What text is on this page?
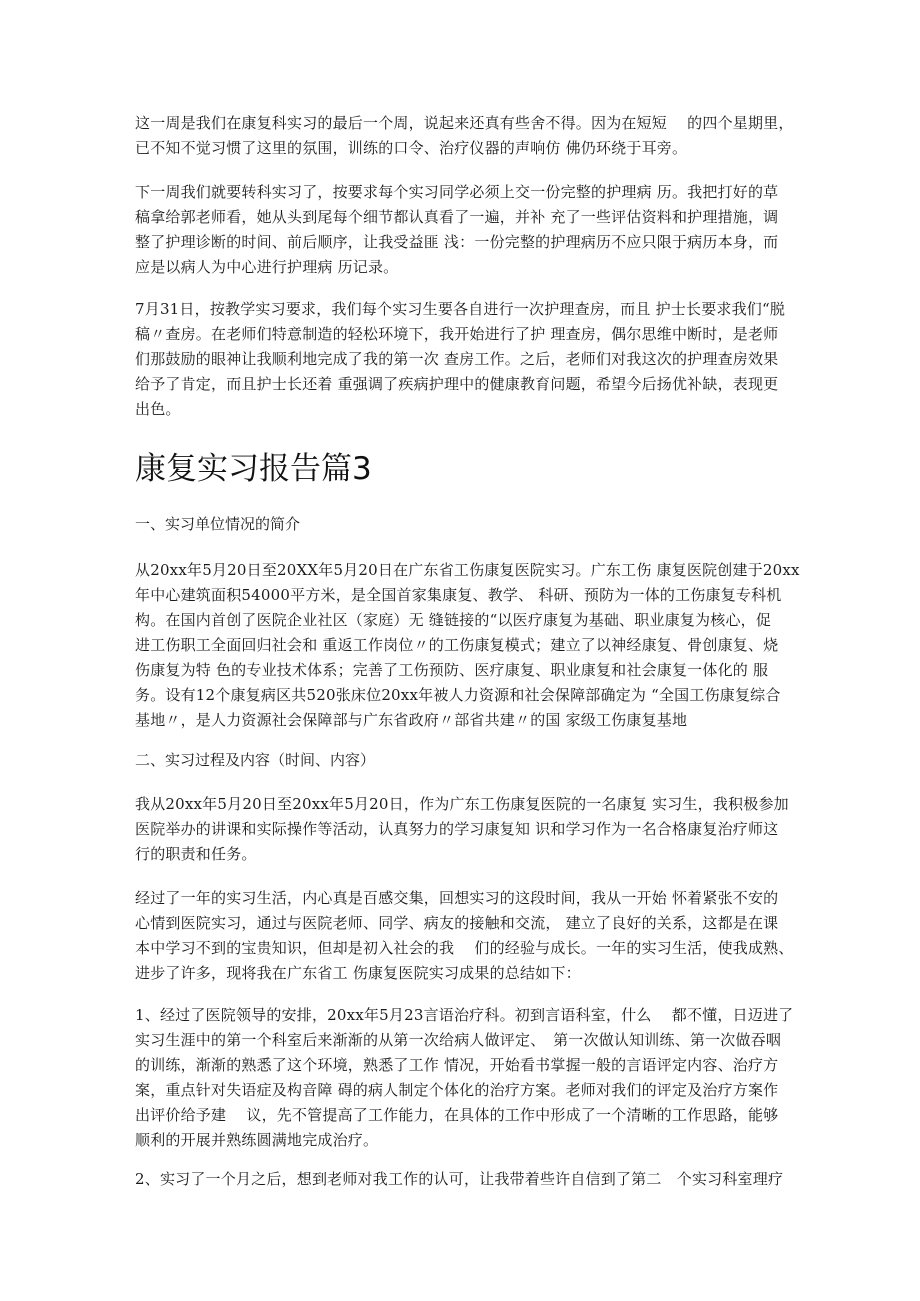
这一周是我们在康复科实习的最后一个周，说起来还真有些舍不得。因为在短短　 的四个星期里，
已不知不觉习惯了这里的氛围，训练的口令、治疗仪器的声响仿 佛仍环绕于耳旁。
下一周我们就要转科实习了，按要求每个实习同学必须上交一份完整的护理病 历。我把打好的草
稿拿给郭老师看，她从头到尾每个细节都认真看了一遍，并补 充了一些评估资料和护理措施，调
整了护理诊断的时间、前后顺序，让我受益匪 浅：一份完整的护理病历不应只限于病历本身，而
应是以病人为中心进行护理病 历记录。
7月31日，按教学实习要求，我们每个实习生要各自进行一次护理查房，而且 护士长要求我们“脱
稿〃查房。在老师们特意制造的轻松环境下，我开始进行了护 理查房，偶尔思维中断时，是老师
们那鼓励的眼神让我顺利地完成了我的第一次 查房工作。之后，老师们对我这次的护理查房效果
给予了肯定，而且护士长还着 重强调了疾病护理中的健康教育问题，希望今后扬优补缺，表现更
出色。
康复实习报告篇3
一、实习单位情况的简介
从20xx年5月20日至20XX年5月20日在广东省工伤康复医院实习。广东工伤 康复医院创建于20xx
年中心建筑面积54000平方米，是全国首家集康复、教学、 科研、预防为一体的工伤康复专科机
构。在国内首创了医院企业社区（家庭）无 缝链接的“以医疗康复为基础、职业康复为核心，促
进工伤职工全面回归社会和 重返工作岗位〃的工伤康复模式；建立了以神经康复、骨创康复、烧
伤康复为特 色的专业技术体系；完善了工伤预防、医疗康复、职业康复和社会康复一体化的 服
务。设有12个康复病区共520张床位20xx年被人力资源和社会保障部确定为 “全国工伤康复综合
基地〃，是人力资源社会保障部与广东省政府〃部省共建〃的国 家级工伤康复基地
二、实习过程及内容（时间、内容）
我从20xx年5月20日至20xx年5月20日，作为广东工伤康复医院的一名康复 实习生，我积极参加
医院举办的讲课和实际操作等活动，认真努力的学习康复知 识和学习作为一名合格康复治疗师这
行的职责和任务。
经过了一年的实习生活，内心真是百感交集，回想实习的这段时间，我从一开始 怀着紧张不安的
心情到医院实习，通过与医院老师、同学、病友的接触和交流， 建立了良好的关系，这都是在课
本中学习不到的宝贵知识，但却是初入社会的我　 们的经验与成长。一年的实习生活，使我成熟、
进步了许多，现将我在广东省工 伤康复医院实习成果的总结如下：
1、经过了医院领导的安排，20xx年5月23言语治疗科。初到言语科室，什么　 都不懂，日迈进了
实习生涯中的第一个科室后来渐渐的从第一次给病人做评定、　第一次做认知训练、第一次做吞咽
的训练，渐渐的熟悉了这个环境，熟悉了工作 情况，开始看书掌握一般的言语评定内容、治疗方
案，重点针对失语症及构音障 碍的病人制定个体化的治疗方案。老师对我们的评定及治疗方案作
出评价给予建　 议，先不管提高了工作能力，在具体的工作中形成了一个清晰的工作思路，能够
顺利的开展并熟练圆满地完成治疗。
2、实习了一个月之后，想到老师对我工作的认可，让我带着些许自信到了第二　个实习科室理疗
